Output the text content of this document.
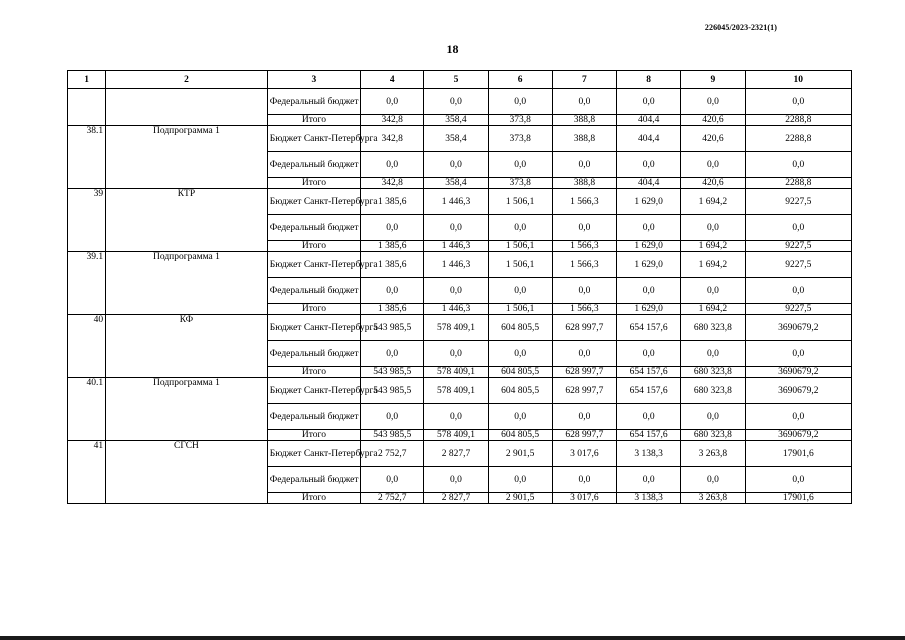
226045/2023-2321(1)
18
1	2	3	4	5	6	7	8	9	10
		Федеральный бюджет	0,0	0,0	0,0	0,0	0,0	0,0	0,0
		Итого	342,8	358,4	373,8	388,8	404,4	420,6	2288,8
38.1	Подпрограмма 1	Бюджет Санкт-Петербурга	342,8	358,4	373,8	388,8	404,4	420,6	2288,8
		Федеральный бюджет	0,0	0,0	0,0	0,0	0,0	0,0	0,0
		Итого	342,8	358,4	373,8	388,8	404,4	420,6	2288,8
39	КТР	Бюджет Санкт-Петербурга	1 385,6	1 446,3	1 506,1	1 566,3	1 629,0	1 694,2	9227,5
		Федеральный бюджет	0,0	0,0	0,0	0,0	0,0	0,0	0,0
		Итого	1 385,6	1 446,3	1 506,1	1 566,3	1 629,0	1 694,2	9227,5
39.1	Подпрограмма 1	Бюджет Санкт-Петербурга	1 385,6	1 446,3	1 506,1	1 566,3	1 629,0	1 694,2	9227,5
		Федеральный бюджет	0,0	0,0	0,0	0,0	0,0	0,0	0,0
		Итого	1 385,6	1 446,3	1 506,1	1 566,3	1 629,0	1 694,2	9227,5
40	КФ	Бюджет Санкт-Петербурга	543 985,5	578 409,1	604 805,5	628 997,7	654 157,6	680 323,8	3690679,2
		Федеральный бюджет	0,0	0,0	0,0	0,0	0,0	0,0	0,0
		Итого	543 985,5	578 409,1	604 805,5	628 997,7	654 157,6	680 323,8	3690679,2
40.1	Подпрограмма 1	Бюджет Санкт-Петербурга	543 985,5	578 409,1	604 805,5	628 997,7	654 157,6	680 323,8	3690679,2
		Федеральный бюджет	0,0	0,0	0,0	0,0	0,0	0,0	0,0
		Итого	543 985,5	578 409,1	604 805,5	628 997,7	654 157,6	680 323,8	3690679,2
41	СГСН	Бюджет Санкт-Петербурга	2 752,7	2 827,7	2 901,5	3 017,6	3 138,3	3 263,8	17901,6
		Федеральный бюджет	0,0	0,0	0,0	0,0	0,0	0,0	0,0
		Итого	2 752,7	2 827,7	2 901,5	3 017,6	3 138,3	3 263,8	17901,6
